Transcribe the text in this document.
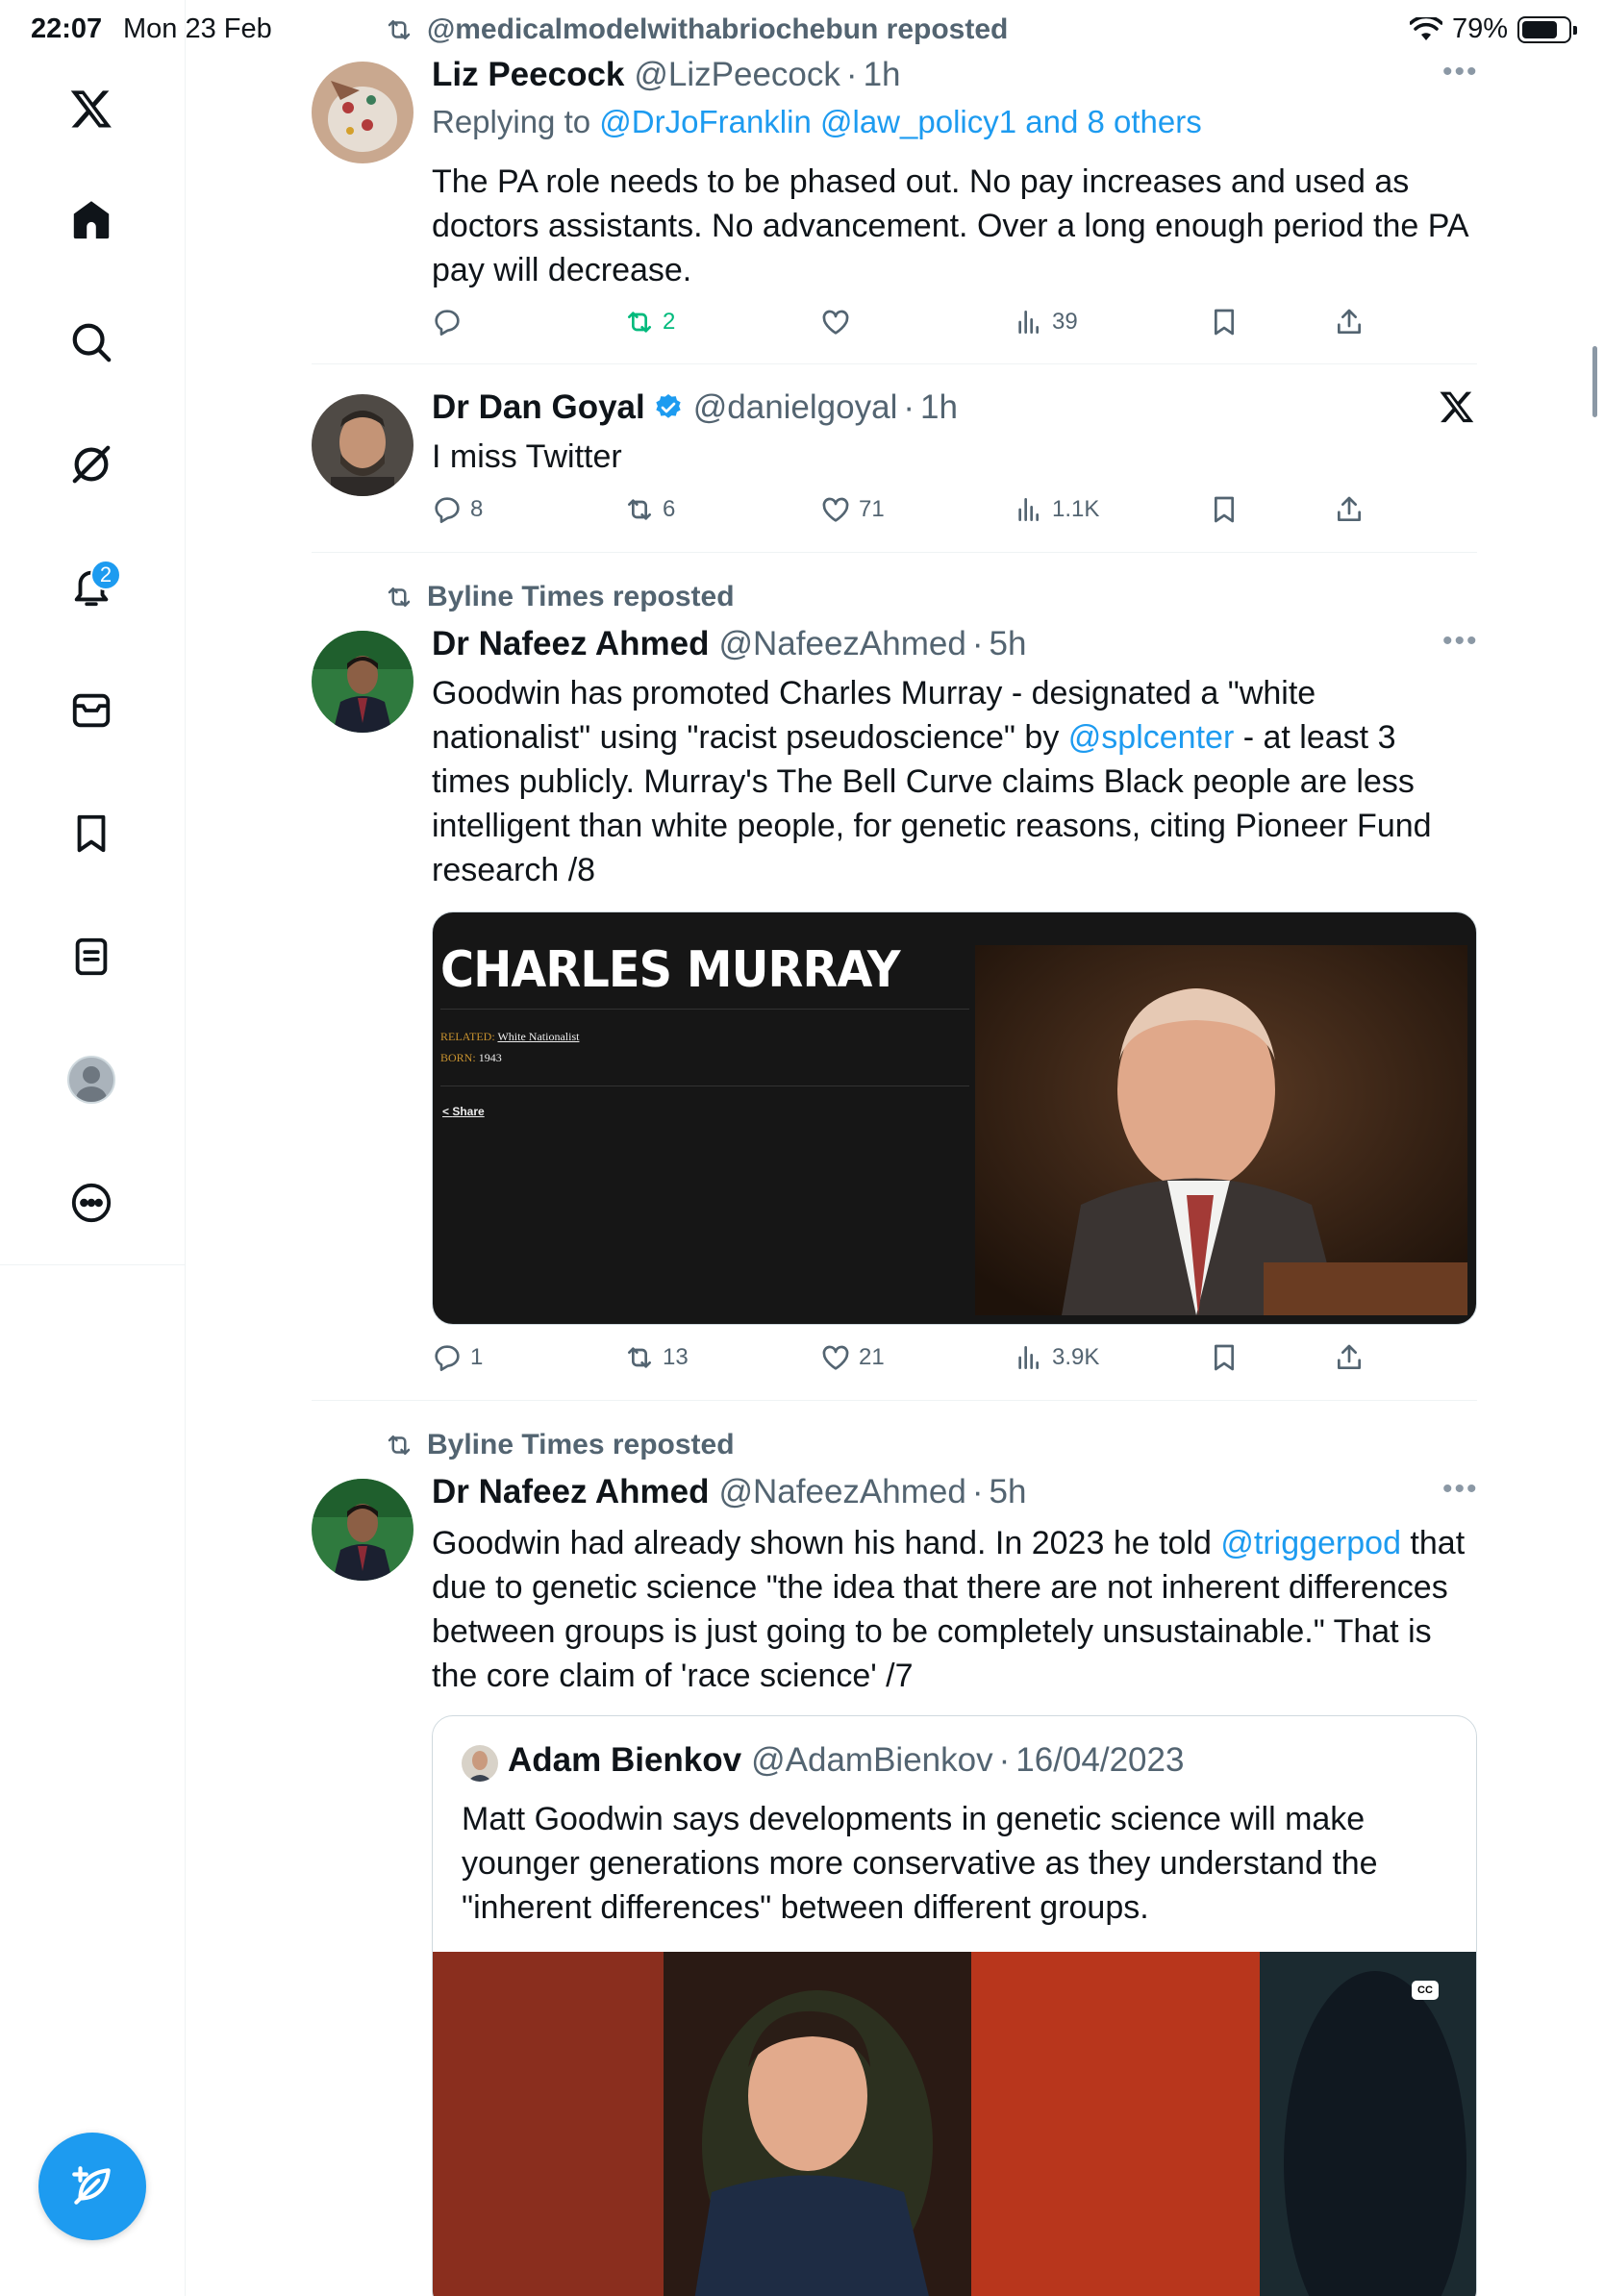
22:07 Mon 23 Feb	79%
2
@medicalmodelwithabriochebun reposted
Liz Peecock @LizPeecock · 1h	•••
Replying to @DrJoFranklin @law_policy1 and 8 others
The PA role needs to be phased out. No pay increases and used as doctors assistants. No advancement. Over a long enough period the PA pay will decrease.
2	39
Dr Dan Goyal @danielgoyal · 1h
I miss Twitter
8	6	71	1.1K
Byline Times reposted
Dr Nafeez Ahmed @NafeezAhmed · 5h	•••
Goodwin has promoted Charles Murray - designated a "white nationalist" using "racist pseudoscience" by @splcenter - at least 3 times publicly. Murray's The Bell Curve claims Black people are less intelligent than white people, for genetic reasons, citing Pioneer Fund research /8
CHARLES MURRAY
RELATED: White Nationalist
BORN: 1943
< Share
1	13	21	3.9K
Byline Times reposted
Dr Nafeez Ahmed @NafeezAhmed · 5h	•••
Goodwin had already shown his hand. In 2023 he told @triggerpod that due to genetic science "the idea that there are not inherent differences between groups is just going to be completely unsustainable." That is the core claim of 'race science' /7
Adam Bienkov @AdamBienkov · 16/04/2023
Matt Goodwin says developments in genetic science will make younger generations more conservative as they understand the "inherent differences" between different groups.
CC
